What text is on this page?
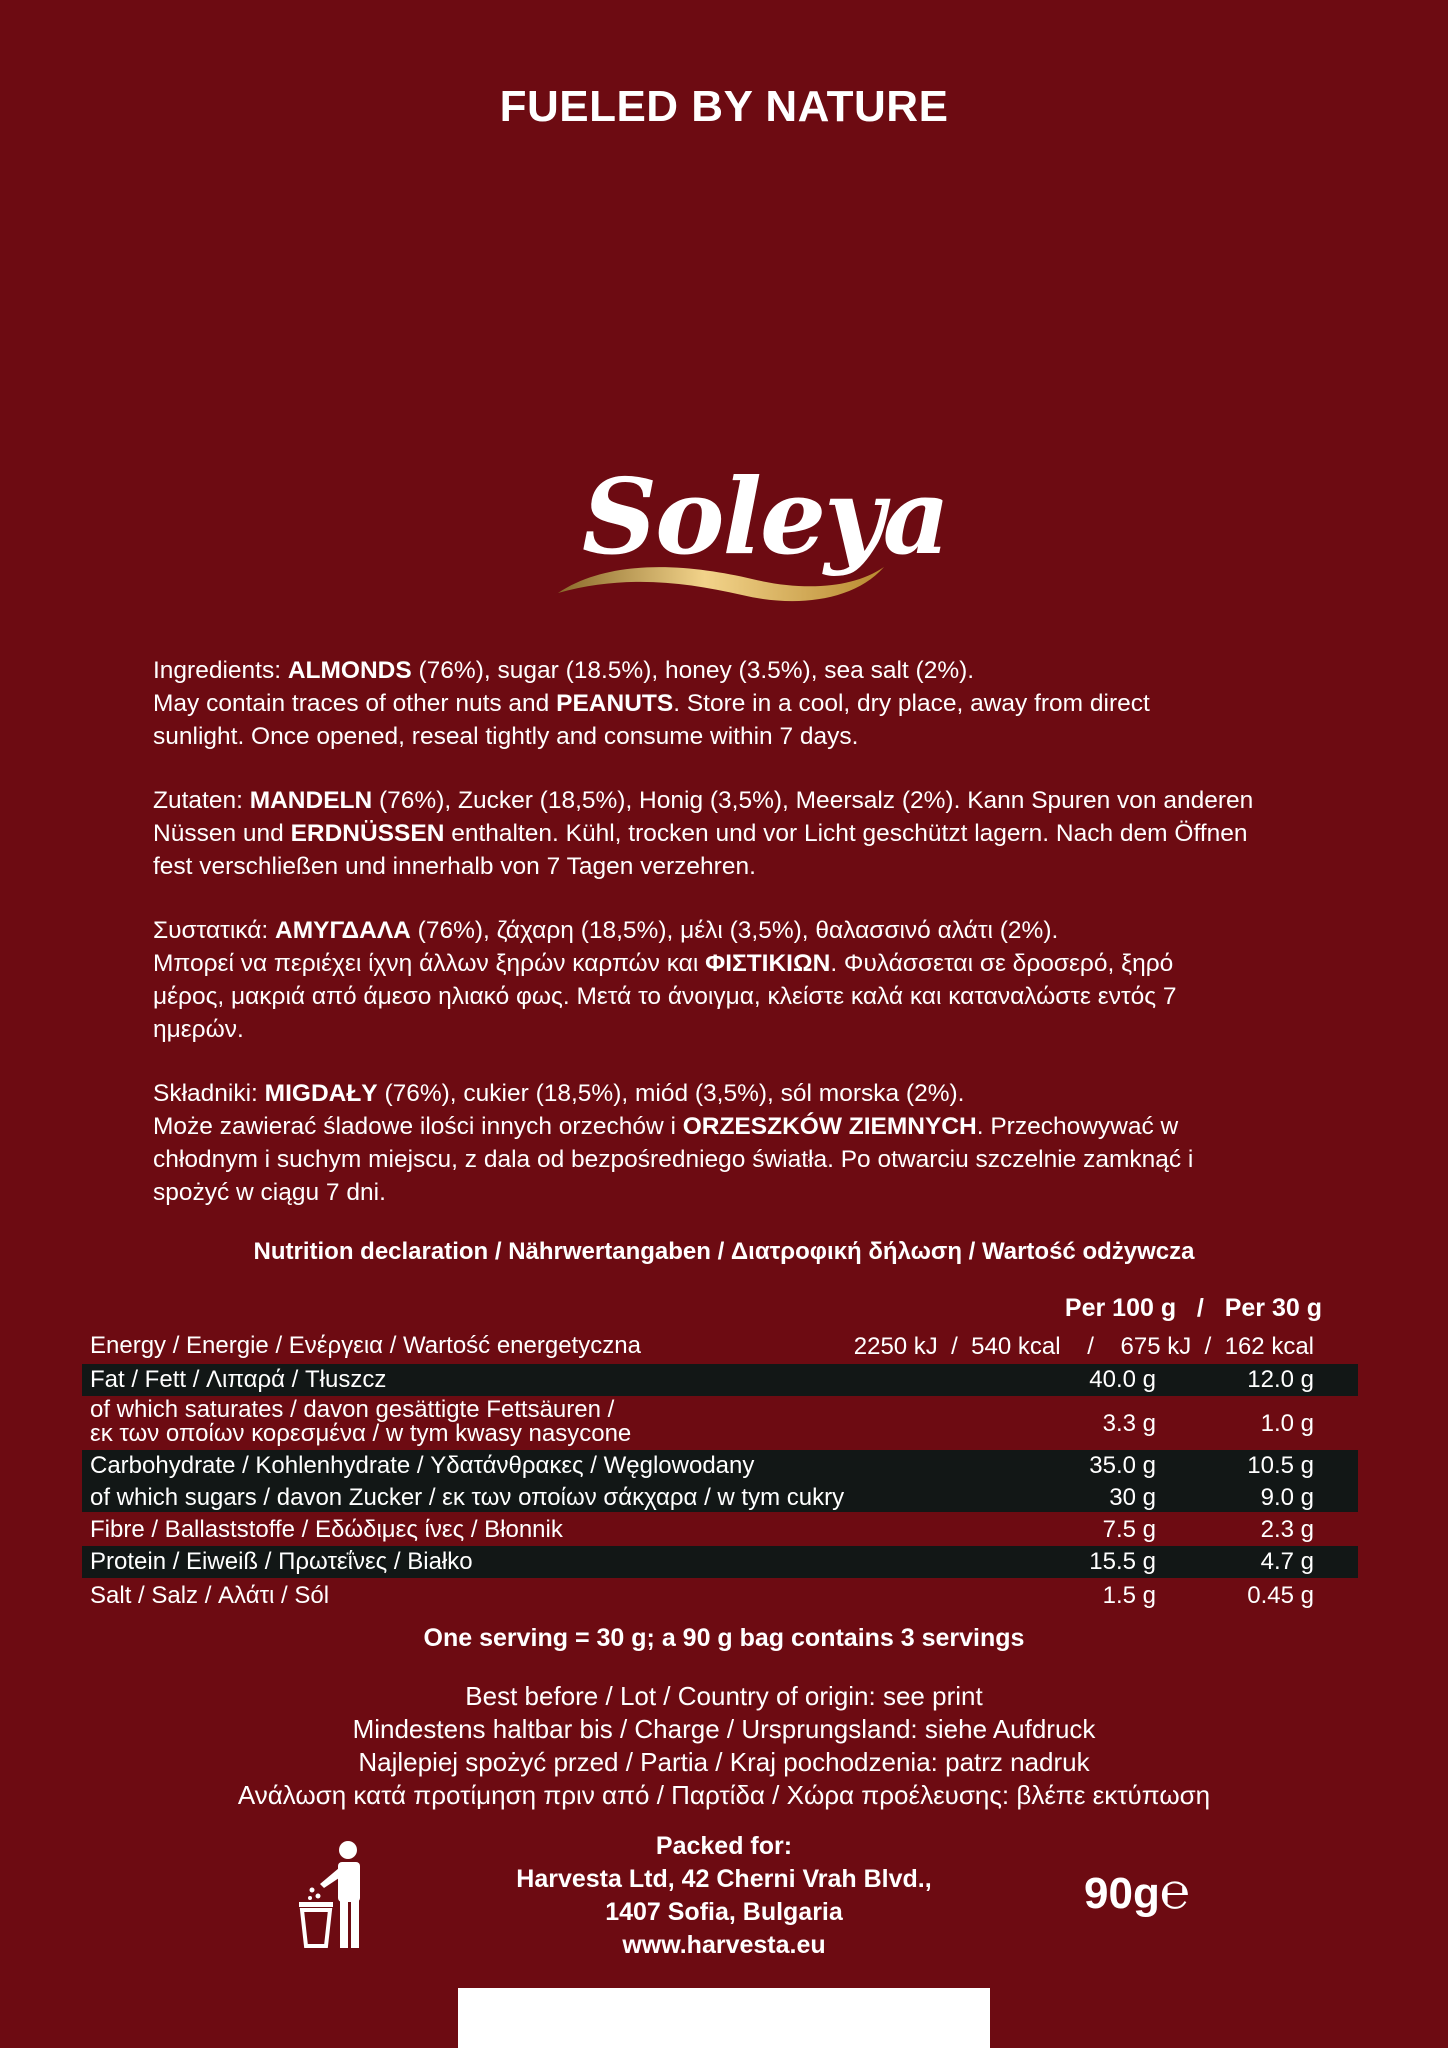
FUELED BY NATURE
Soleya

Ingredients: ALMONDS (76%), sugar (18.5%), honey (3.5%), sea salt (2%).
May contain traces of other nuts and PEANUTS. Store in a cool, dry place, away from direct
sunlight. Once opened, reseal tightly and consume within 7 days.

Zutaten: MANDELN (76%), Zucker (18,5%), Honig (3,5%), Meersalz (2%). Kann Spuren von anderen
Nüssen und ERDNÜSSEN enthalten. Kühl, trocken und vor Licht geschützt lagern. Nach dem Öffnen
fest verschließen und innerhalb von 7 Tagen verzehren.

Συστατικά: ΑΜΥΓΔΑΛΑ (76%), ζάχαρη (18,5%), μέλι (3,5%), θαλασσινό αλάτι (2%).
Μπορεί να περιέχει ίχνη άλλων ξηρών καρπών και ΦΙΣΤΙΚΙΩΝ. Φυλάσσεται σε δροσερό, ξηρό
μέρος, μακριά από άμεσο ηλιακό φως. Μετά το άνοιγμα, κλείστε καλά και καταναλώστε εντός 7
ημερών.

Składniki: MIGDAŁY (76%), cukier (18,5%), miód (3,5%), sól morska (2%).
Może zawierać śladowe ilości innych orzechów i ORZESZKÓW ZIEMNYCH. Przechowywać w
chłodnym i suchym miejscu, z dala od bezpośredniego światła. Po otwarciu szczelnie zamknąć i
spożyć w ciągu 7 dni.

Nutrition declaration / Nährwertangaben / Διατροφική δήλωση / Wartość odżywcza
Per 100 g   /   Per 30 g
Energy / Energie / Ενέργεια / Wartość energetyczna	2250 kJ  /  540 kcal    /    675 kJ  /  162 kcal
Fat / Fett / Λιπαρά / Tłuszcz	40.0 g	12.0 g
of which saturates / davon gesättigte Fettsäuren /
εκ των οποίων κορεσμένα / w tym kwasy nasycone	3.3 g	1.0 g
Carbohydrate / Kohlenhydrate / Υδατάνθρακες / Węglowodany	35.0 g	10.5 g
of which sugars / davon Zucker / εκ των οποίων σάκχαρα / w tym cukry	30 g	9.0 g
Fibre / Ballaststoffe / Εδώδιμες ίνες / Błonnik	7.5 g	2.3 g
Protein / Eiweiß / Πρωτεΐνες / Białko	15.5 g	4.7 g
Salt / Salz / Αλάτι / Sól	1.5 g	0.45 g
One serving = 30 g; a 90 g bag contains 3 servings
Best before / Lot / Country of origin: see print
Mindestens haltbar bis / Charge / Ursprungsland: siehe Aufdruck
Najlepiej spożyć przed / Partia / Kraj pochodzenia: patrz nadruk
Ανάλωση κατά προτίμηση πριν από / Παρτίδα / Χώρα προέλευσης: βλέπε εκτύπωση
Packed for:
Harvesta Ltd, 42 Cherni Vrah Blvd.,
1407 Sofia, Bulgaria
www.harvesta.eu
90g℮
